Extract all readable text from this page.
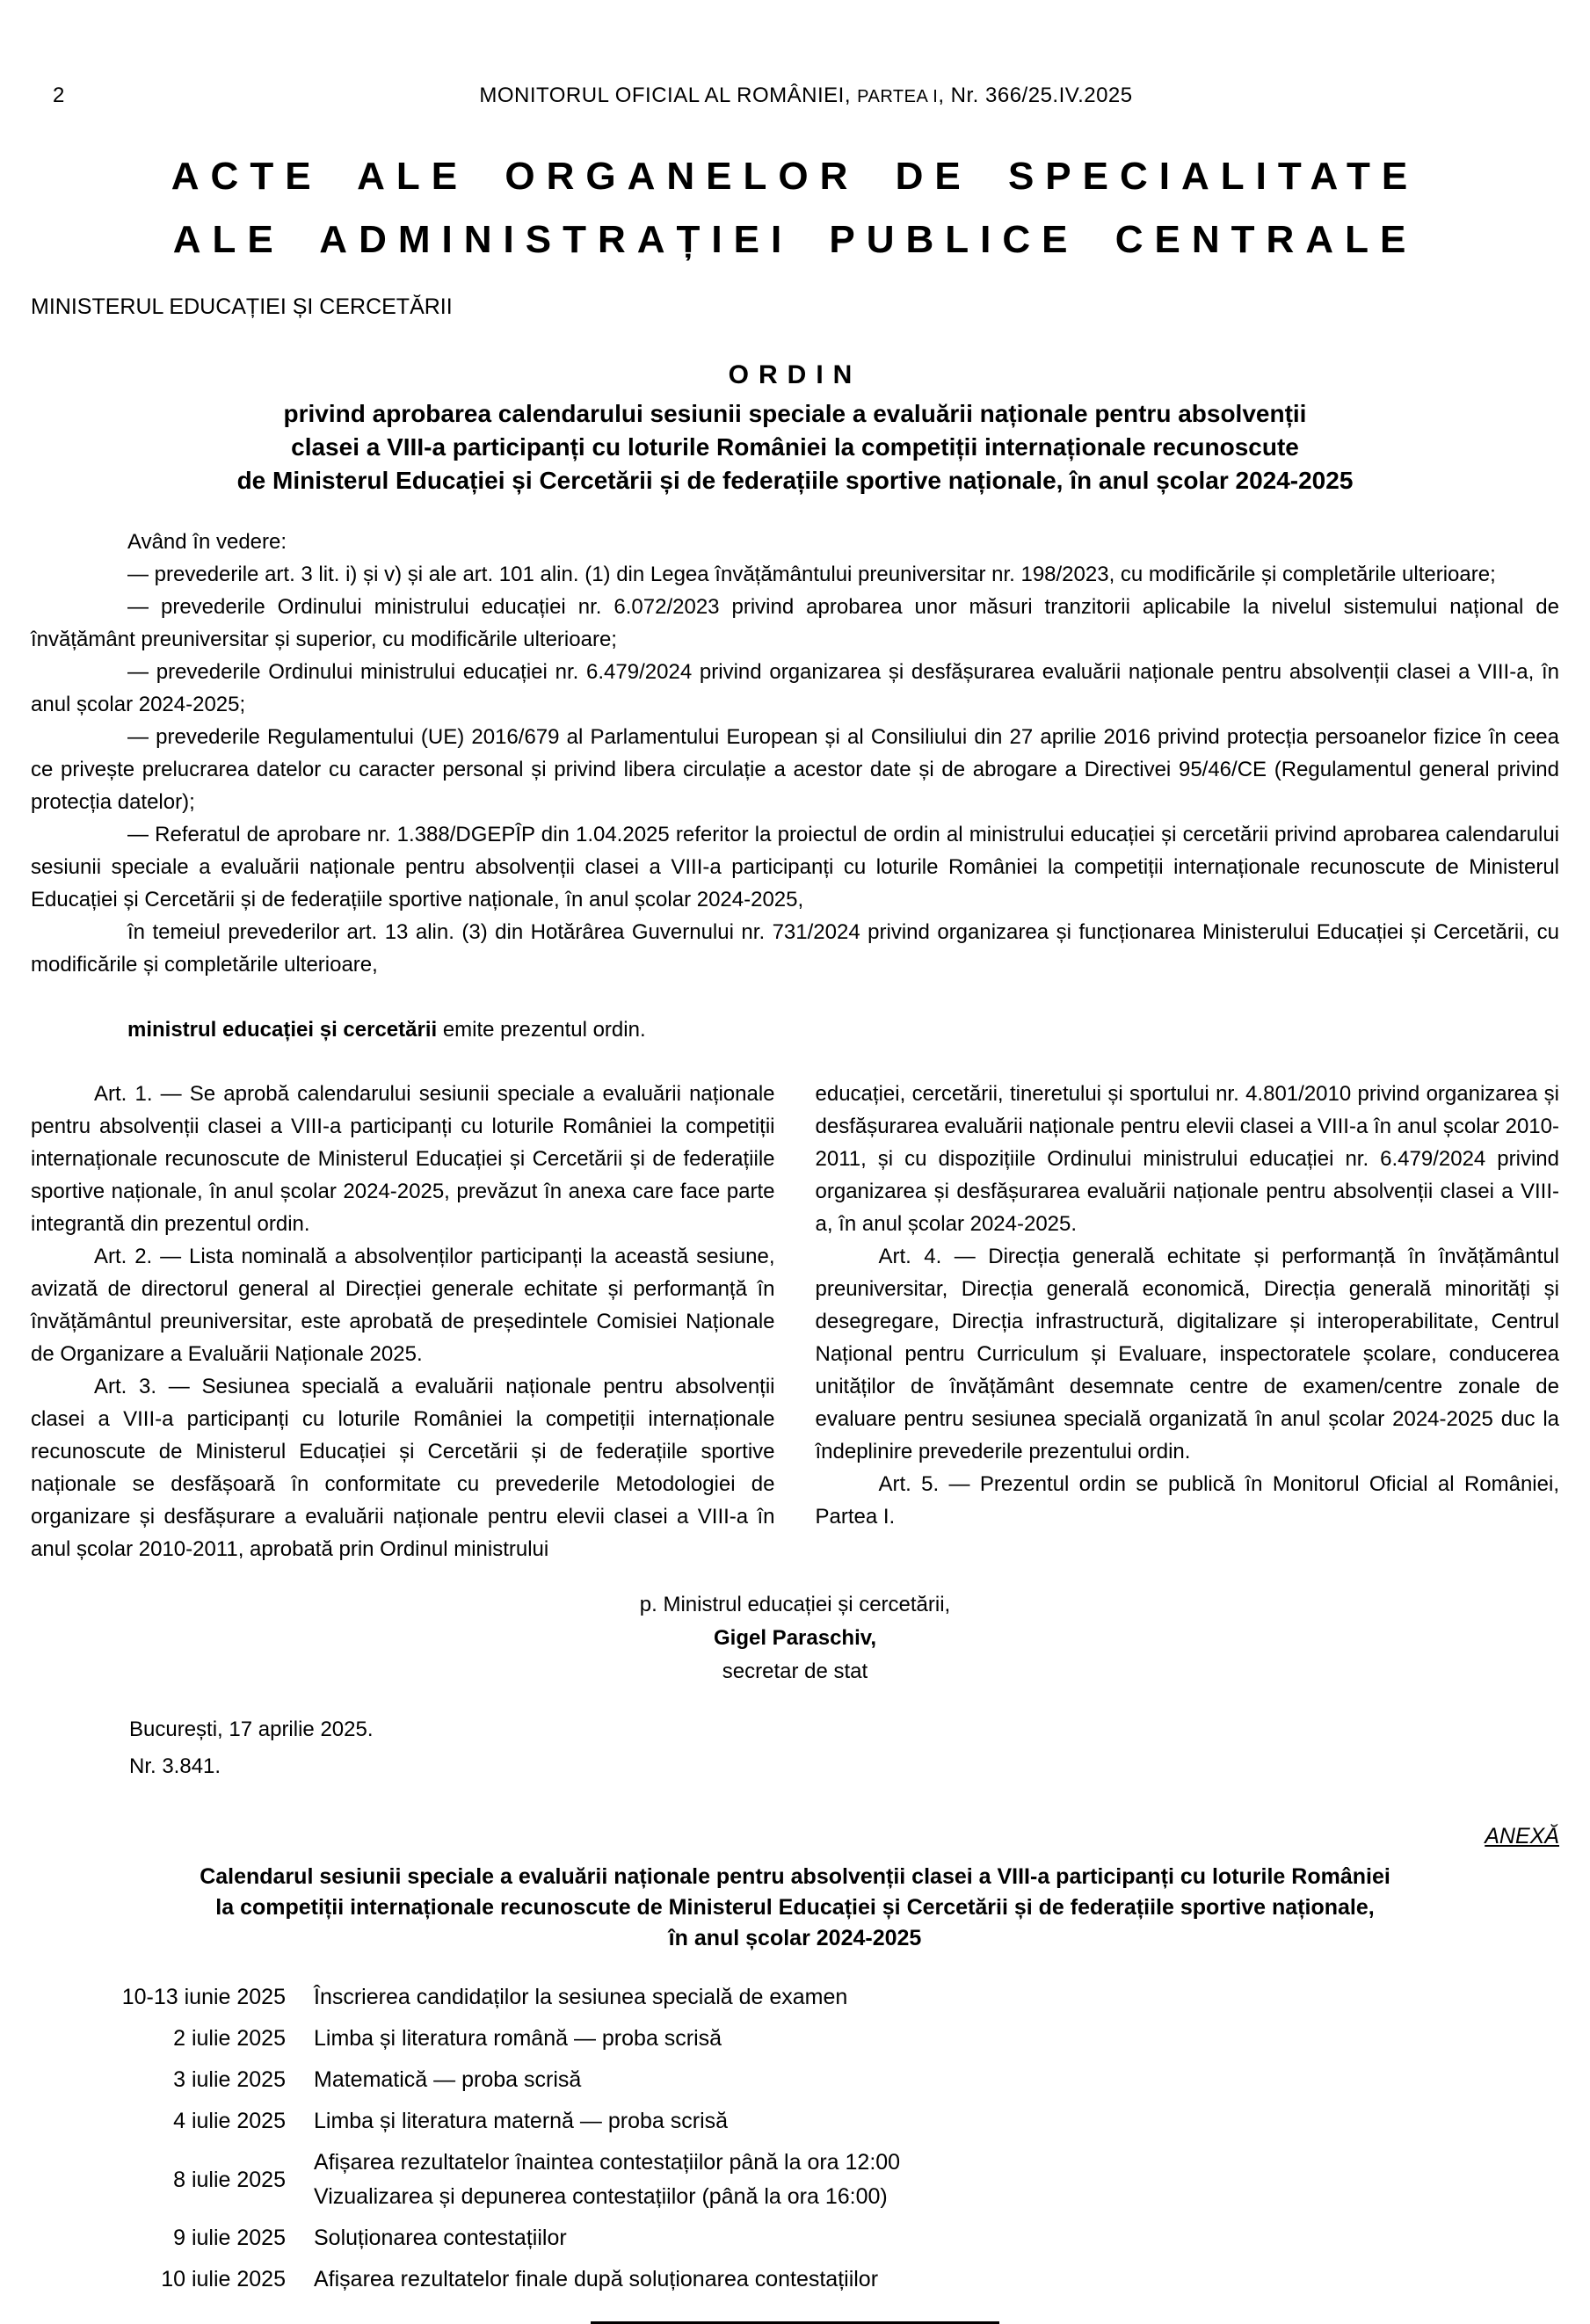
2	MONITORUL OFICIAL AL ROMÂNIEI, PARTEA I, Nr. 366/25.IV.2025
ACTE ALE ORGANELOR DE SPECIALITATE
ALE ADMINISTRAȚIEI PUBLICE CENTRALE
MINISTERUL EDUCAȚIEI ȘI CERCETĂRII
ORDIN
privind aprobarea calendarului sesiunii speciale a evaluării naționale pentru absolvenții
clasei a VIII-a participanți cu loturile României la competiții internaționale recunoscute
de Ministerul Educației și Cercetării și de federațiile sportive naționale, în anul școlar 2024-2025

Având în vedere:

— prevederile art. 3 lit. i) și v) și ale art. 101 alin. (1) din Legea învățământului preuniversitar nr. 198/2023, cu modificările și completările ulterioare;

— prevederile Ordinului ministrului educației nr. 6.072/2023 privind aprobarea unor măsuri tranzitorii aplicabile la nivelul sistemului național de învățământ preuniversitar și superior, cu modificările ulterioare;

— prevederile Ordinului ministrului educației nr. 6.479/2024 privind organizarea și desfășurarea evaluării naționale pentru absolvenții clasei a VIII-a, în anul școlar 2024-2025;

— prevederile Regulamentului (UE) 2016/679 al Parlamentului European și al Consiliului din 27 aprilie 2016 privind protecția persoanelor fizice în ceea ce privește prelucrarea datelor cu caracter personal și privind libera circulație a acestor date și de abrogare a Directivei 95/46/CE (Regulamentul general privind protecția datelor);

— Referatul de aprobare nr. 1.388/DGEPÎP din 1.04.2025 referitor la proiectul de ordin al ministrului educației și cercetării privind aprobarea calendarului sesiunii speciale a evaluării naționale pentru absolvenții clasei a VIII-a participanți cu loturile României la competiții internaționale recunoscute de Ministerul Educației și Cercetării și de federațiile sportive naționale, în anul școlar 2024-2025,

în temeiul prevederilor art. 13 alin. (3) din Hotărârea Guvernului nr. 731/2024 privind organizarea și funcționarea Ministerului Educației și Cercetării, cu modificările și completările ulterioare,

ministrul educației și cercetării emite prezentul ordin.

Art. 1. — Se aprobă calendarului sesiunii speciale a evaluării naționale pentru absolvenții clasei a VIII-a participanți cu loturile României la competiții internaționale recunoscute de Ministerul Educației și Cercetării și de federațiile sportive naționale, în anul școlar 2024-2025, prevăzut în anexa care face parte integrantă din prezentul ordin.

Art. 2. — Lista nominală a absolvenților participanți la această sesiune, avizată de directorul general al Direcției generale echitate și performanță în învățământul preuniversitar, este aprobată de președintele Comisiei Naționale de Organizare a Evaluării Naționale 2025.

Art. 3. — Sesiunea specială a evaluării naționale pentru absolvenții clasei a VIII-a participanți cu loturile României la competiții internaționale recunoscute de Ministerul Educației și Cercetării și de federațiile sportive naționale se desfășoară în conformitate cu prevederile Metodologiei de organizare și desfășurare a evaluării naționale pentru elevii clasei a VIII-a în anul școlar 2010-2011, aprobată prin Ordinul ministrului

educației, cercetării, tineretului și sportului nr. 4.801/2010 privind organizarea și desfășurarea evaluării naționale pentru elevii clasei a VIII-a în anul școlar 2010-2011, și cu dispozițiile Ordinului ministrului educației nr. 6.479/2024 privind organizarea și desfășurarea evaluării naționale pentru absolvenții clasei a VIII-a, în anul școlar 2024-2025.

Art. 4. — Direcția generală echitate și performanță în învățământul preuniversitar, Direcția generală economică, Direcția generală minorități și desegregare, Direcția infrastructură, digitalizare și interoperabilitate, Centrul Național pentru Curriculum și Evaluare, inspectoratele școlare, conducerea unităților de învățământ desemnate centre de examen/centre zonale de evaluare pentru sesiunea specială organizată în anul școlar 2024-2025 duc la îndeplinire prevederile prezentului ordin.

Art. 5. — Prezentul ordin se publică în Monitorul Oficial al României, Partea I.

p. Ministrul educației și cercetării,
Gigel Paraschiv,
secretar de stat
București, 17 aprilie 2025.
Nr. 3.841.
ANEXĂ
Calendarul sesiunii speciale a evaluării naționale pentru absolvenții clasei a VIII-a participanți cu loturile României
la competiții internaționale recunoscute de Ministerul Educației și Cercetării și de federațiile sportive naționale,
în anul școlar 2024-2025
10-13 iunie 2025	Înscrierea candidaților la sesiunea specială de examen

2 iulie 2025	Limba și literatura română — proba scrisă

3 iulie 2025	Matematică — proba scrisă

4 iulie 2025	Limba și literatura maternă — proba scrisă

8 iulie 2025	Afișarea rezultatelor înaintea contestațiilor până la ora 12:00
Vizualizarea și depunerea contestațiilor (până la ora 16:00)

9 iulie 2025	Soluționarea contestațiilor

10 iulie 2025	Afișarea rezultatelor finale după soluționarea contestațiilor
